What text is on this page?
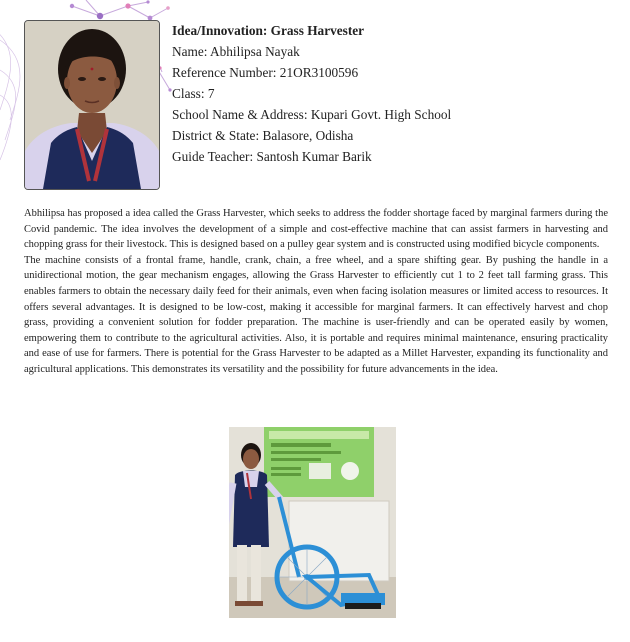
Idea/Innovation: Grass Harvester
Name: Abhilipsa Nayak
Reference Number: 21OR3100596
Class: 7
School Name & Address: Kupari Govt. High School
District & State: Balasore, Odisha
Guide Teacher: Santosh Kumar Barik

Abhilipsa has proposed a idea called the Grass Harvester, which seeks to address the fodder shortage faced by marginal farmers during the Covid pandemic. The idea involves the development of a simple and cost-effective machine that can assist farmers in harvesting and chopping grass for their livestock. This is designed based on a pulley gear system and is constructed using modified bicycle components.

The machine consists of a frontal frame, handle, crank, chain, a free wheel, and a spare shifting gear. By pushing the handle in a unidirectional motion, the gear mechanism engages, allowing the Grass Harvester to efficiently cut 1 to 2 feet tall farming grass. This enables farmers to obtain the necessary daily feed for their animals, even when facing isolation measures or limited access to resources. It offers several advantages. It is designed to be low-cost, making it accessible for marginal farmers. It can effectively harvest and chop grass, providing a convenient solution for fodder preparation. The machine is user-friendly and can be operated easily by women, empowering them to contribute to the agricultural activities. Also, it is portable and requires minimal maintenance, ensuring practicality and ease of use for farmers. There is potential for the Grass Harvester to be adapted as a Millet Harvester, expanding its functionality and agricultural applications. This demonstrates its versatility and the possibility for future advancements in the idea.
